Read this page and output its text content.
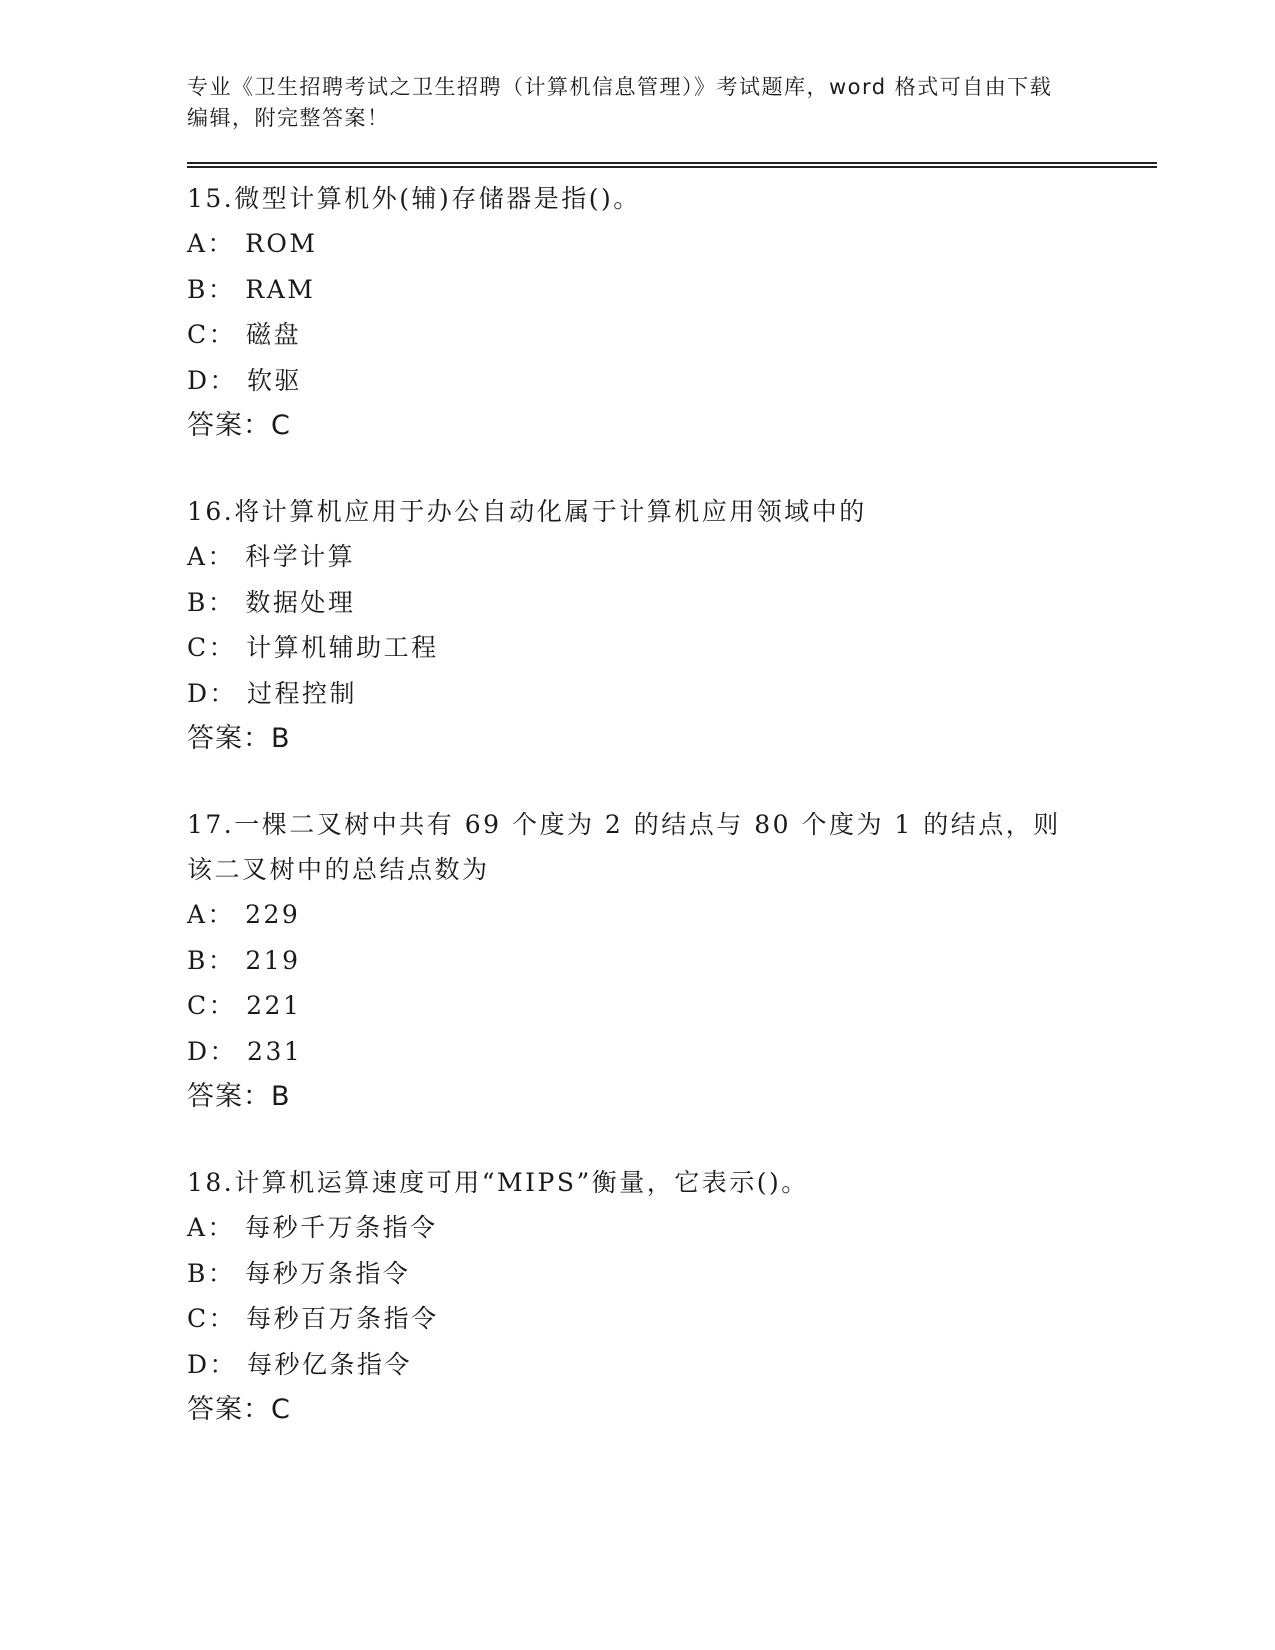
专业《卫生招聘考试之卫生招聘（计算机信息管理）》考试题库，word 格式可自由下载编辑，附完整答案！
15.微型计算机外(辅)存储器是指()。
A： ROM
B： RAM
C： 磁盘
D： 软驱
答案：C
16.将计算机应用于办公自动化属于计算机应用领域中的
A： 科学计算
B： 数据处理
C： 计算机辅助工程
D： 过程控制
答案：B
17.一棵二叉树中共有 69 个度为 2 的结点与 80 个度为 1 的结点，则该二叉树中的总结点数为
A： 229
B： 219
C： 221
D： 231
答案：B
18.计算机运算速度可用“MIPS”衡量，它表示()。
A： 每秒千万条指令
B： 每秒万条指令
C： 每秒百万条指令
D： 每秒亿条指令
答案：C
